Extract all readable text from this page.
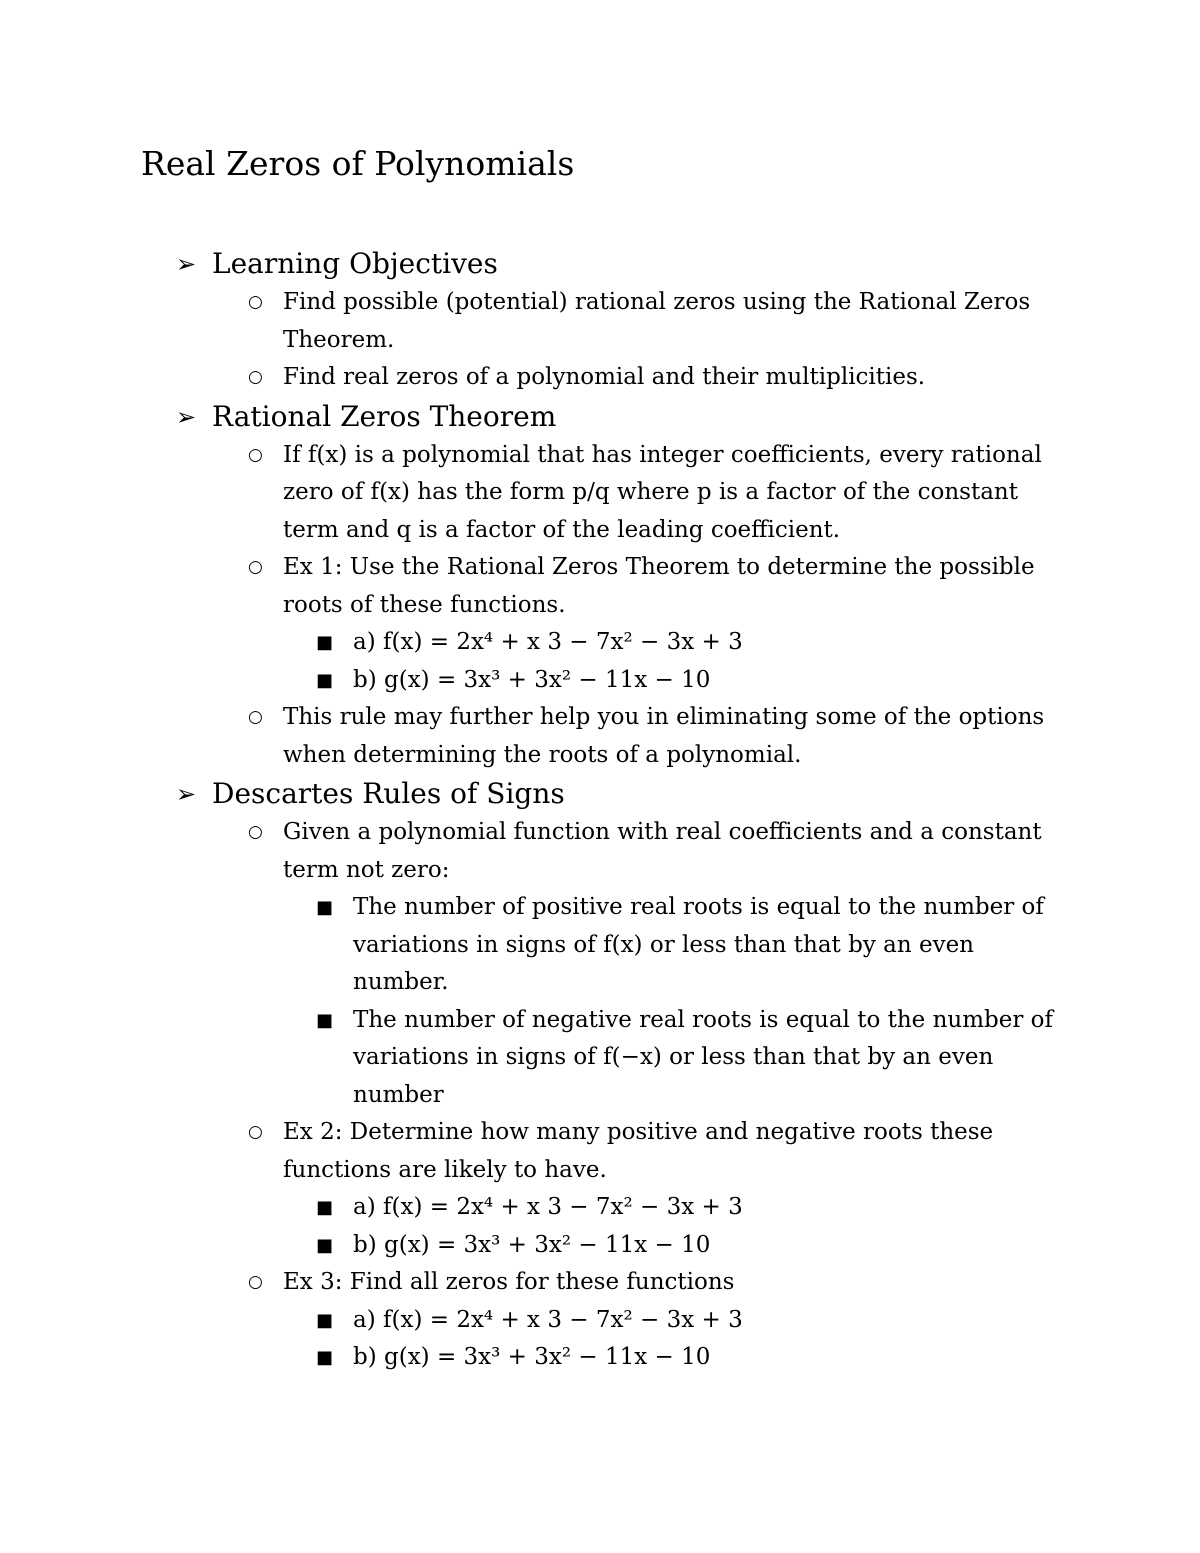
Real Zeros of Polynomials
➢ Learning Objectives
○ Find possible (potential) rational zeros using the Rational Zeros Theorem.
○ Find real zeros of a polynomial and their multiplicities.
➢ Rational Zeros Theorem
○ If f(x) is a polynomial that has integer coefficients, every rational zero of f(x) has the form p/q where p is a factor of the constant term and q is a factor of the leading coefficient.
○ Ex 1: Use the Rational Zeros Theorem to determine the possible roots of these functions.
■ a) f(x) = 2x⁴ + x 3 − 7x² − 3x + 3
■ b) g(x) = 3x³ + 3x² − 11x − 10
○ This rule may further help you in eliminating some of the options when determining the roots of a polynomial.
➢ Descartes Rules of Signs
○ Given a polynomial function with real coefficients and a constant term not zero:
■ The number of positive real roots is equal to the number of variations in signs of f(x) or less than that by an even number.
■ The number of negative real roots is equal to the number of variations in signs of f(−x) or less than that by an even number
○ Ex 2: Determine how many positive and negative roots these functions are likely to have.
■ a) f(x) = 2x⁴ + x 3 − 7x² − 3x + 3
■ b) g(x) = 3x³ + 3x² − 11x − 10
○ Ex 3: Find all zeros for these functions
■ a) f(x) = 2x⁴ + x 3 − 7x² − 3x + 3
■ b) g(x) = 3x³ + 3x² − 11x − 10
